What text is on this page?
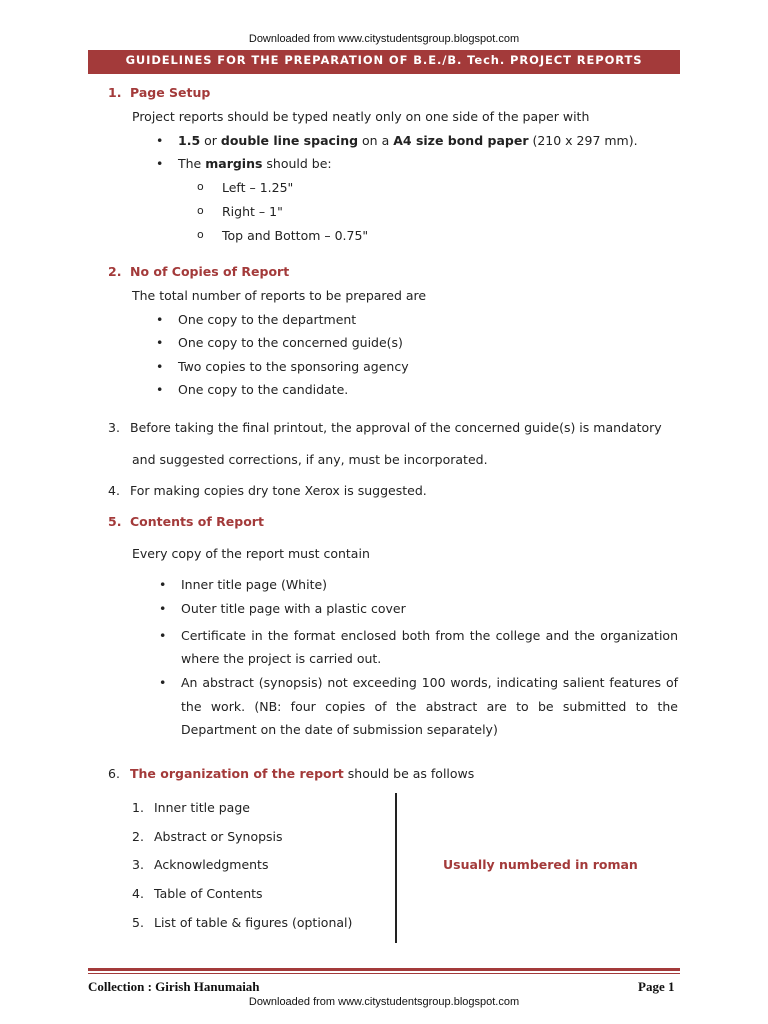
Downloaded from www.citystudentsgroup.blogspot.com
GUIDELINES FOR THE PREPARATION OF B.E./B. Tech. PROJECT REPORTS
1. Page Setup
Project reports should be typed neatly only on one side of the paper with
• 1.5 or double line spacing on a A4 size bond paper (210 x 297 mm).
• The margins should be:
o Left – 1.25"
o Right – 1"
o Top and Bottom – 0.75"
2. No of Copies of Report
The total number of reports to be prepared are
• One copy to the department
• One copy to the concerned guide(s)
• Two copies to the sponsoring agency
• One copy to the candidate.
3. Before taking the final printout, the approval of the concerned guide(s) is mandatory
and suggested corrections, if any, must be incorporated.
4. For making copies dry tone Xerox is suggested.
5. Contents of Report
Every copy of the report must contain
• Inner title page (White)
• Outer title page with a plastic cover
• Certificate in the format enclosed both from the college and the organization where the project is carried out.
• An abstract (synopsis) not exceeding 100 words, indicating salient features of the work. (NB: four copies of the abstract are to be submitted to the Department on the date of submission separately)
6. The organization of the report should be as follows
1. Inner title page
2. Abstract or Synopsis
3. Acknowledgments
4. Table of Contents
5. List of table & figures (optional)
Usually numbered in roman
Collection : Girish Hanumaiah	Page 1
Downloaded from www.citystudentsgroup.blogspot.com
